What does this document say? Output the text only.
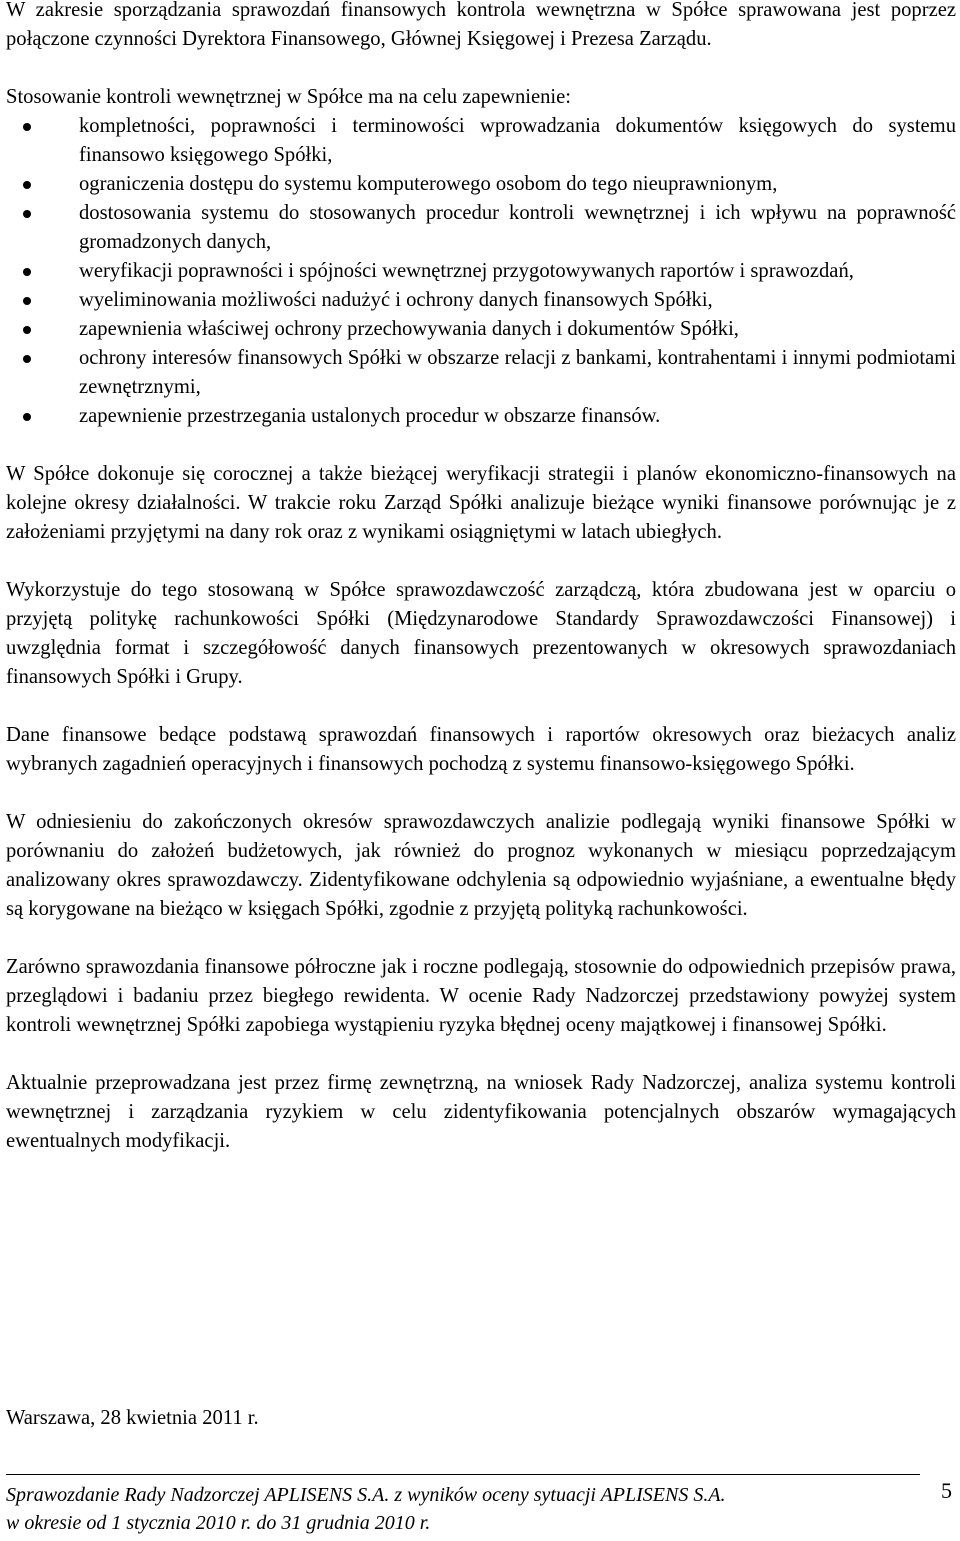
W zakresie sporządzania sprawozdań finansowych kontrola wewnętrzna w Spółce sprawowana jest poprzez połączone czynności Dyrektora Finansowego, Głównej Księgowej i Prezesa Zarządu.

Stosowanie kontroli wewnętrznej w Spółce ma na celu zapewnienie:

kompletności, poprawności i terminowości wprowadzania dokumentów księgowych do systemu finansowo księgowego Spółki,
ograniczenia dostępu do systemu komputerowego osobom do tego nieuprawnionym,
dostosowania systemu do stosowanych procedur kontroli wewnętrznej i ich wpływu na poprawność gromadzonych danych,
weryfikacji poprawności i spójności wewnętrznej przygotowywanych raportów i sprawozdań,
wyeliminowania możliwości nadużyć i ochrony danych finansowych Spółki,
zapewnienia właściwej ochrony przechowywania danych i dokumentów Spółki,
ochrony interesów finansowych Spółki w obszarze relacji z bankami, kontrahentami i innymi podmiotami zewnętrznymi,
zapewnienie przestrzegania ustalonych procedur w obszarze finansów.

W Spółce dokonuje się corocznej a także bieżącej weryfikacji strategii i planów ekonomiczno-finansowych na kolejne okresy działalności. W trakcie roku Zarząd Spółki analizuje bieżące wyniki finansowe porównując je z założeniami przyjętymi na dany rok oraz z wynikami osiągniętymi w latach ubiegłych.

Wykorzystuje do tego stosowaną w Spółce sprawozdawczość zarządczą, która zbudowana jest w oparciu o przyjętą politykę rachunkowości Spółki (Międzynarodowe Standardy Sprawozdawczości Finansowej) i uwzględnia format i szczegółowość danych finansowych prezentowanych w okresowych sprawozdaniach finansowych Spółki i Grupy.

Dane finansowe bedące podstawą sprawozdań finansowych i raportów okresowych oraz bieżacych analiz wybranych zagadnień operacyjnych i finansowych pochodzą z systemu finansowo-księgowego Spółki.

W odniesieniu do zakończonych okresów sprawozdawczych analizie podlegają wyniki finansowe Spółki w porównaniu do założeń budżetowych, jak również do prognoz wykonanych w miesiącu poprzedzającym analizowany okres sprawozdawczy. Zidentyfikowane odchylenia są odpowiednio wyjaśniane, a ewentualne błędy są korygowane na bieżąco w księgach Spółki, zgodnie z przyjętą polityką rachunkowości.

Zarówno sprawozdania finansowe półroczne jak i roczne podlegają, stosownie do odpowiednich przepisów prawa, przeglądowi i badaniu przez biegłego rewidenta. W ocenie Rady Nadzorczej przedstawiony powyżej system kontroli wewnętrznej Spółki zapobiega wystąpieniu ryzyka błędnej oceny majątkowej i finansowej Spółki.

Aktualnie przeprowadzana jest przez firmę zewnętrzną, na wniosek Rady Nadzorczej, analiza systemu kontroli wewnętrznej i zarządzania ryzykiem w celu zidentyfikowania potencjalnych obszarów wymagających ewentualnych modyfikacji.

Warszawa, 28 kwietnia 2011 r.
Sprawozdanie Rady Nadzorczej APLISENS S.A. z wyników oceny sytuacji APLISENS S.A.
w okresie od 1 stycznia 2010 r. do 31 grudnia 2010 r.
5
